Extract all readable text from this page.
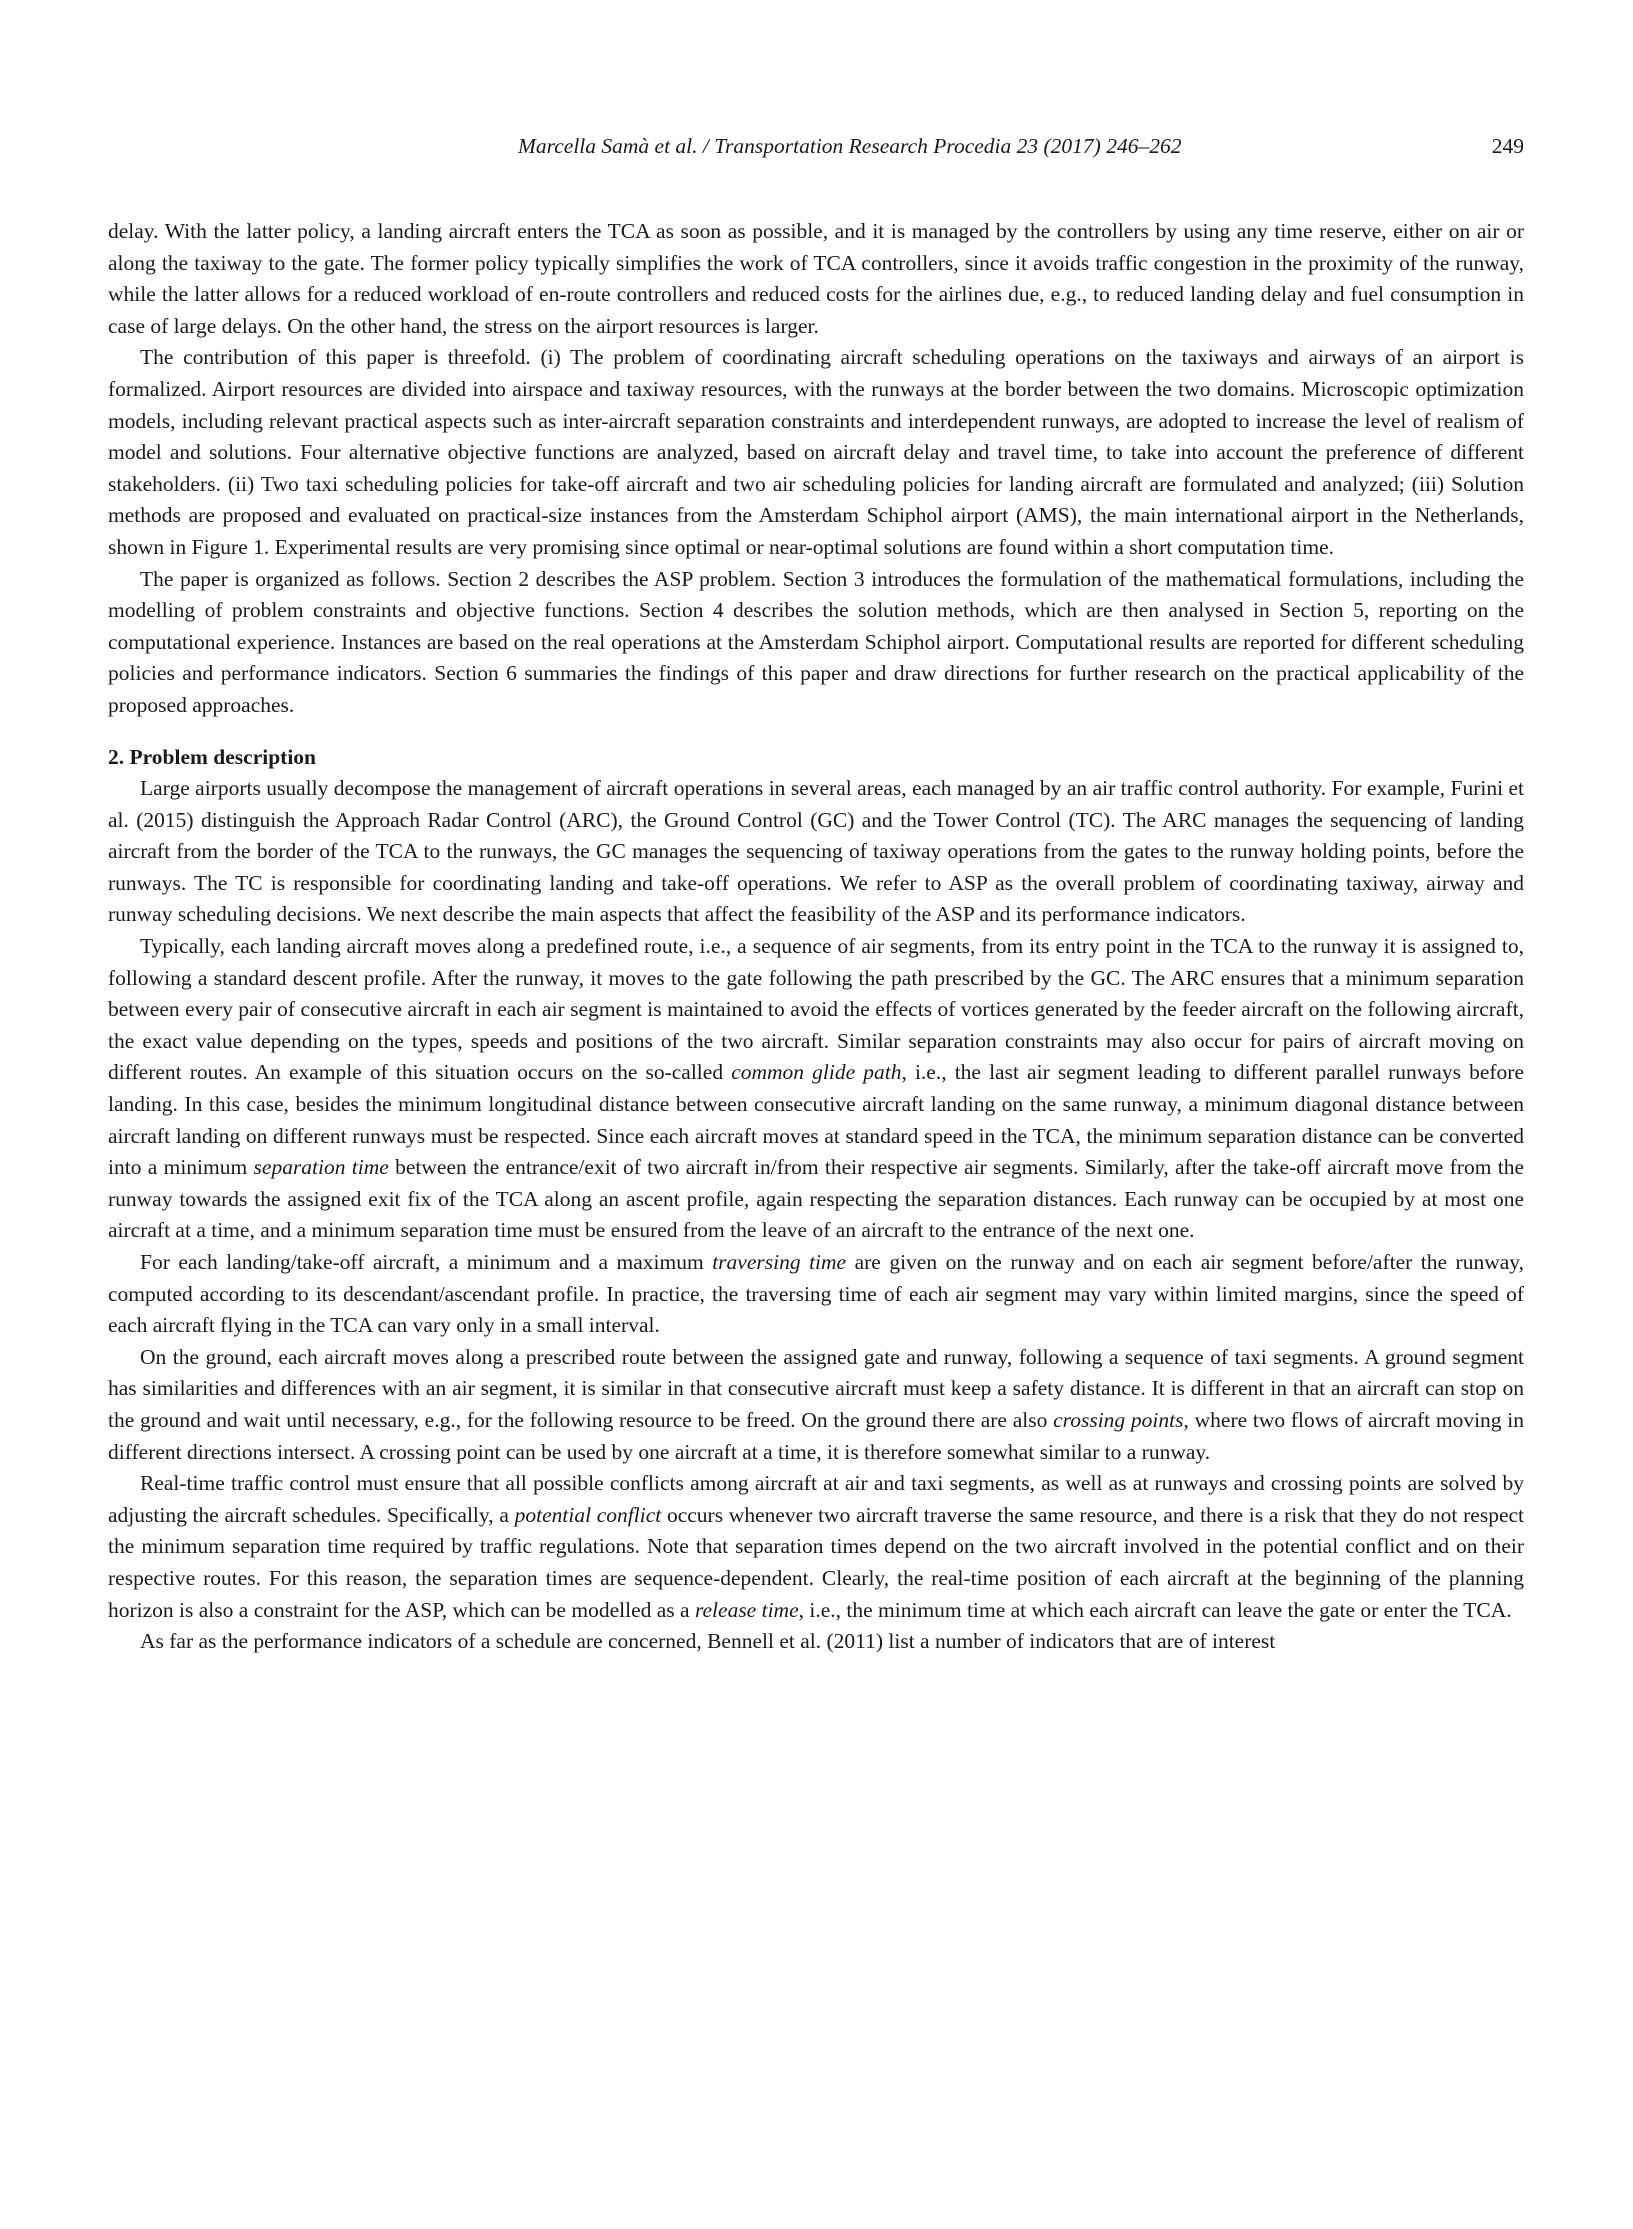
Marcella Samà et al. / Transportation Research Procedia 23 (2017) 246–262	249

delay. With the latter policy, a landing aircraft enters the TCA as soon as possible, and it is managed by the controllers by using any time reserve, either on air or along the taxiway to the gate. The former policy typically simplifies the work of TCA controllers, since it avoids traffic congestion in the proximity of the runway, while the latter allows for a reduced workload of en-route controllers and reduced costs for the airlines due, e.g., to reduced landing delay and fuel consumption in case of large delays. On the other hand, the stress on the airport resources is larger.

The contribution of this paper is threefold. (i) The problem of coordinating aircraft scheduling operations on the taxiways and airways of an airport is formalized. Airport resources are divided into airspace and taxiway resources, with the runways at the border between the two domains. Microscopic optimization models, including relevant practical aspects such as inter-aircraft separation constraints and interdependent runways, are adopted to increase the level of realism of model and solutions. Four alternative objective functions are analyzed, based on aircraft delay and travel time, to take into account the preference of different stakeholders. (ii) Two taxi scheduling policies for take-off aircraft and two air scheduling policies for landing aircraft are formulated and analyzed; (iii) Solution methods are proposed and evaluated on practical-size instances from the Amsterdam Schiphol airport (AMS), the main international airport in the Netherlands, shown in Figure 1. Experimental results are very promising since optimal or near-optimal solutions are found within a short computation time.

The paper is organized as follows. Section 2 describes the ASP problem. Section 3 introduces the formulation of the mathematical formulations, including the modelling of problem constraints and objective functions. Section 4 describes the solution methods, which are then analysed in Section 5, reporting on the computational experience. Instances are based on the real operations at the Amsterdam Schiphol airport. Computational results are reported for different scheduling policies and performance indicators. Section 6 summaries the findings of this paper and draw directions for further research on the practical applicability of the proposed approaches.

2. Problem description

Large airports usually decompose the management of aircraft operations in several areas, each managed by an air traffic control authority. For example, Furini et al. (2015) distinguish the Approach Radar Control (ARC), the Ground Control (GC) and the Tower Control (TC). The ARC manages the sequencing of landing aircraft from the border of the TCA to the runways, the GC manages the sequencing of taxiway operations from the gates to the runway holding points, before the runways. The TC is responsible for coordinating landing and take-off operations. We refer to ASP as the overall problem of coordinating taxiway, airway and runway scheduling decisions. We next describe the main aspects that affect the feasibility of the ASP and its performance indicators.

Typically, each landing aircraft moves along a predefined route, i.e., a sequence of air segments, from its entry point in the TCA to the runway it is assigned to, following a standard descent profile. After the runway, it moves to the gate following the path prescribed by the GC. The ARC ensures that a minimum separation between every pair of consecutive aircraft in each air segment is maintained to avoid the effects of vortices generated by the feeder aircraft on the following aircraft, the exact value depending on the types, speeds and positions of the two aircraft. Similar separation constraints may also occur for pairs of aircraft moving on different routes. An example of this situation occurs on the so-called common glide path, i.e., the last air segment leading to different parallel runways before landing. In this case, besides the minimum longitudinal distance between consecutive aircraft landing on the same runway, a minimum diagonal distance between aircraft landing on different runways must be respected. Since each aircraft moves at standard speed in the TCA, the minimum separation distance can be converted into a minimum separation time between the entrance/exit of two aircraft in/from their respective air segments. Similarly, after the take-off aircraft move from the runway towards the assigned exit fix of the TCA along an ascent profile, again respecting the separation distances. Each runway can be occupied by at most one aircraft at a time, and a minimum separation time must be ensured from the leave of an aircraft to the entrance of the next one.

For each landing/take-off aircraft, a minimum and a maximum traversing time are given on the runway and on each air segment before/after the runway, computed according to its descendant/ascendant profile. In practice, the traversing time of each air segment may vary within limited margins, since the speed of each aircraft flying in the TCA can vary only in a small interval.

On the ground, each aircraft moves along a prescribed route between the assigned gate and runway, following a sequence of taxi segments. A ground segment has similarities and differences with an air segment, it is similar in that consecutive aircraft must keep a safety distance. It is different in that an aircraft can stop on the ground and wait until necessary, e.g., for the following resource to be freed. On the ground there are also crossing points, where two flows of aircraft moving in different directions intersect. A crossing point can be used by one aircraft at a time, it is therefore somewhat similar to a runway.

Real-time traffic control must ensure that all possible conflicts among aircraft at air and taxi segments, as well as at runways and crossing points are solved by adjusting the aircraft schedules. Specifically, a potential conflict occurs whenever two aircraft traverse the same resource, and there is a risk that they do not respect the minimum separation time required by traffic regulations. Note that separation times depend on the two aircraft involved in the potential conflict and on their respective routes. For this reason, the separation times are sequence-dependent. Clearly, the real-time position of each aircraft at the beginning of the planning horizon is also a constraint for the ASP, which can be modelled as a release time, i.e., the minimum time at which each aircraft can leave the gate or enter the TCA.

As far as the performance indicators of a schedule are concerned, Bennell et al. (2011) list a number of indicators that are of interest
